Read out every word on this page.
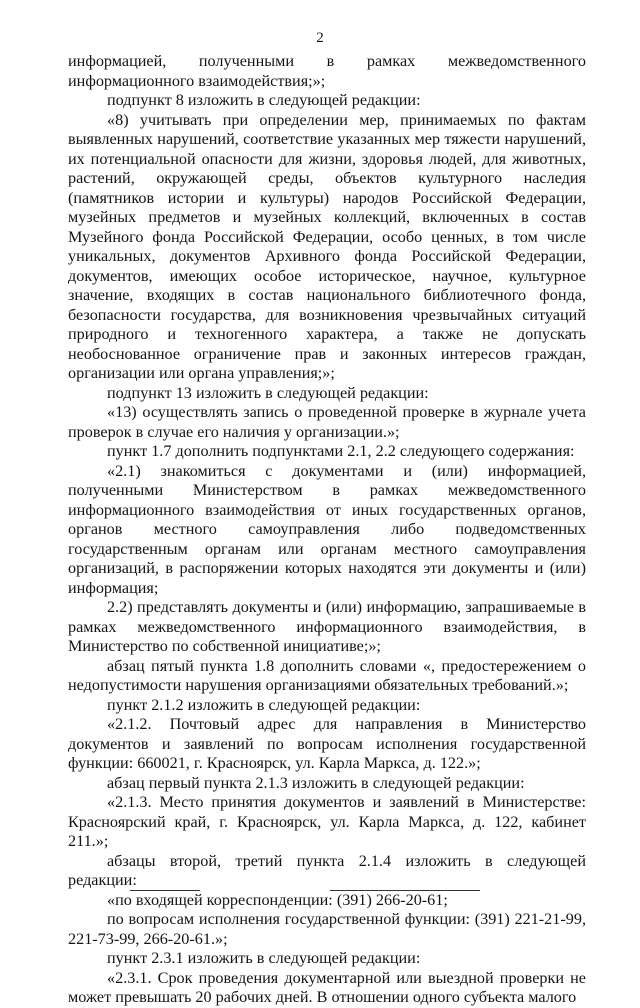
2

информацией, полученными в рамках межведомственного информационного взаимодействия;»;

подпункт 8 изложить в следующей редакции:

«8) учитывать при определении мер, принимаемых по фактам выявленных нарушений, соответствие указанных мер тяжести нарушений, их потенциальной опасности для жизни, здоровья людей, для животных, растений, окружающей среды, объектов культурного наследия (памятников истории и культуры) народов Российской Федерации, музейных предметов и музейных коллекций, включенных в состав Музейного фонда Российской Федерации, особо ценных, в том числе уникальных, документов Архивного фонда Российской Федерации, документов, имеющих особое историческое, научное, культурное значение, входящих в состав национального библиотечного фонда, безопасности государства, для возникновения чрезвычайных ситуаций природного и техногенного характера, а также не допускать необоснованное ограничение прав и законных интересов граждан, организации или органа управления;»;

подпункт 13 изложить в следующей редакции:

«13) осуществлять запись о проведенной проверке в журнале учета проверок в случае его наличия у организации.»;

пункт 1.7 дополнить подпунктами 2.1, 2.2 следующего содержания:

«2.1) знакомиться с документами и (или) информацией, полученными Министерством в рамках межведомственного информационного взаимодействия от иных государственных органов, органов местного самоуправления либо подведомственных государственным органам или органам местного самоуправления организаций, в распоряжении которых находятся эти документы и (или) информация;

2.2) представлять документы и (или) информацию, запрашиваемые в рамках межведомственного информационного взаимодействия, в Министерство по собственной инициативе;»;

абзац пятый пункта 1.8 дополнить словами «, предостережением о недопустимости нарушения организациями обязательных требований.»;

пункт 2.1.2 изложить в следующей редакции:

«2.1.2. Почтовый адрес для направления в Министерство документов и заявлений по вопросам исполнения государственной функции: 660021, г. Красноярск, ул. Карла Маркса, д. 122.»;

абзац первый пункта 2.1.3 изложить в следующей редакции:

«2.1.3. Место принятия документов и заявлений в Министерстве: Красноярский край, г. Красноярск, ул. Карла Маркса, д. 122, кабинет 211.»;

абзацы второй, третий пункта 2.1.4 изложить в следующей редакции:

«по входящей корреспонденции: (391) 266-20-61;

по вопросам исполнения государственной функции: (391) 221-21-99, 221-73-99, 266-20-61.»;

пункт 2.3.1 изложить в следующей редакции:

«2.3.1. Срок проведения документарной или выездной проверки не может превышать 20 рабочих дней. В отношении одного субъекта малого
